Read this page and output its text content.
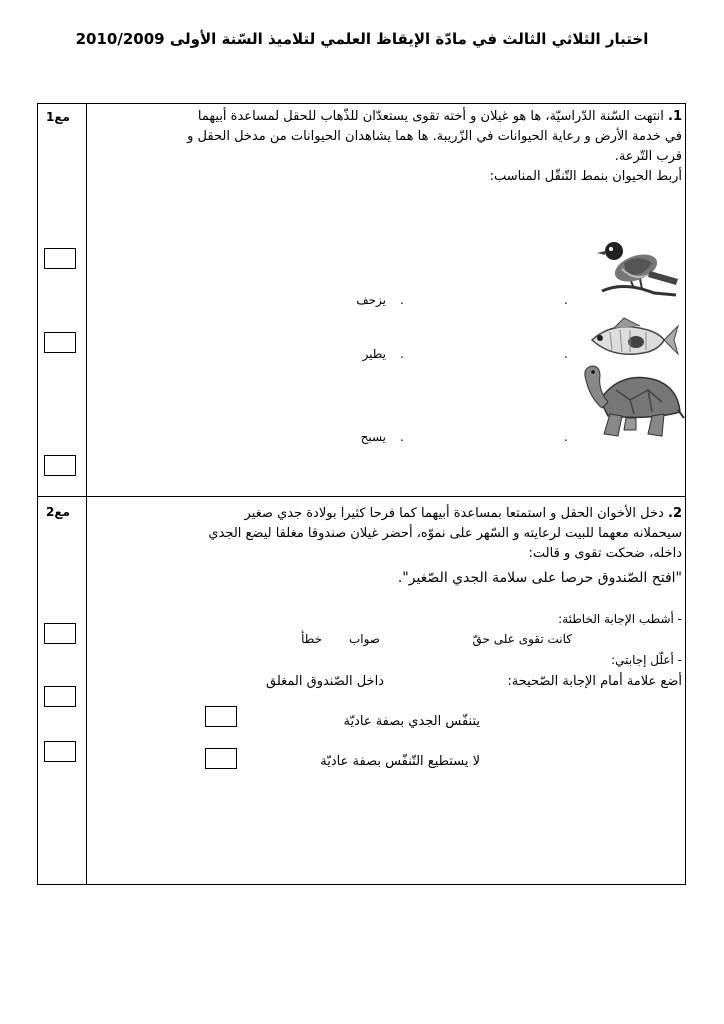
اختبار الثلاثي الثالث في مادّة الإيقاظ العلمي لتلاميذ السّنة الأولى 2010/2009
مع1
مع2
1. انتهت السّنة الدّراسيّة، ها هو غيلان و أخته تقوى يستعدّان للذّهاب للحقل لمساعدة أبيهما
في خدمة الأرض و رعاية الحيوانات في الزّريبة. ها هما يشاهدان الحيوانات من مدخل الحقل و
قرب التّرعة.
أربط الحيوان بنمط التّنقّل المناسب:
.
.
يزحف
.
.
يطير
.
.
يسبح
2. دخل الأخوان الحقل و استمتعا بمساعدة أبيهما كما فرحا كثيرا بولادة جدي صغير
سيحملانه معهما للبيت لرعايته و السّهر على نموّه، أحضر غيلان صندوقا مغلقا ليضع الجدي
داخله، ضحكت تقوى و قالت:
"افتح الصّندوق حرصا على سلامة الجدي الصّغير".
- أشطب الإجابة الخاطئة:
كانت تقوى على حقّ
صواب
خطأ
- أعلّل إجابتي:
أضع علامة أمام الإجابة الصّحيحة:
داخل الصّندوق المغلق
يتنفّس الجدي بصفة عاديّة
لا يستطيع التّنفّس بصفة عاديّة
